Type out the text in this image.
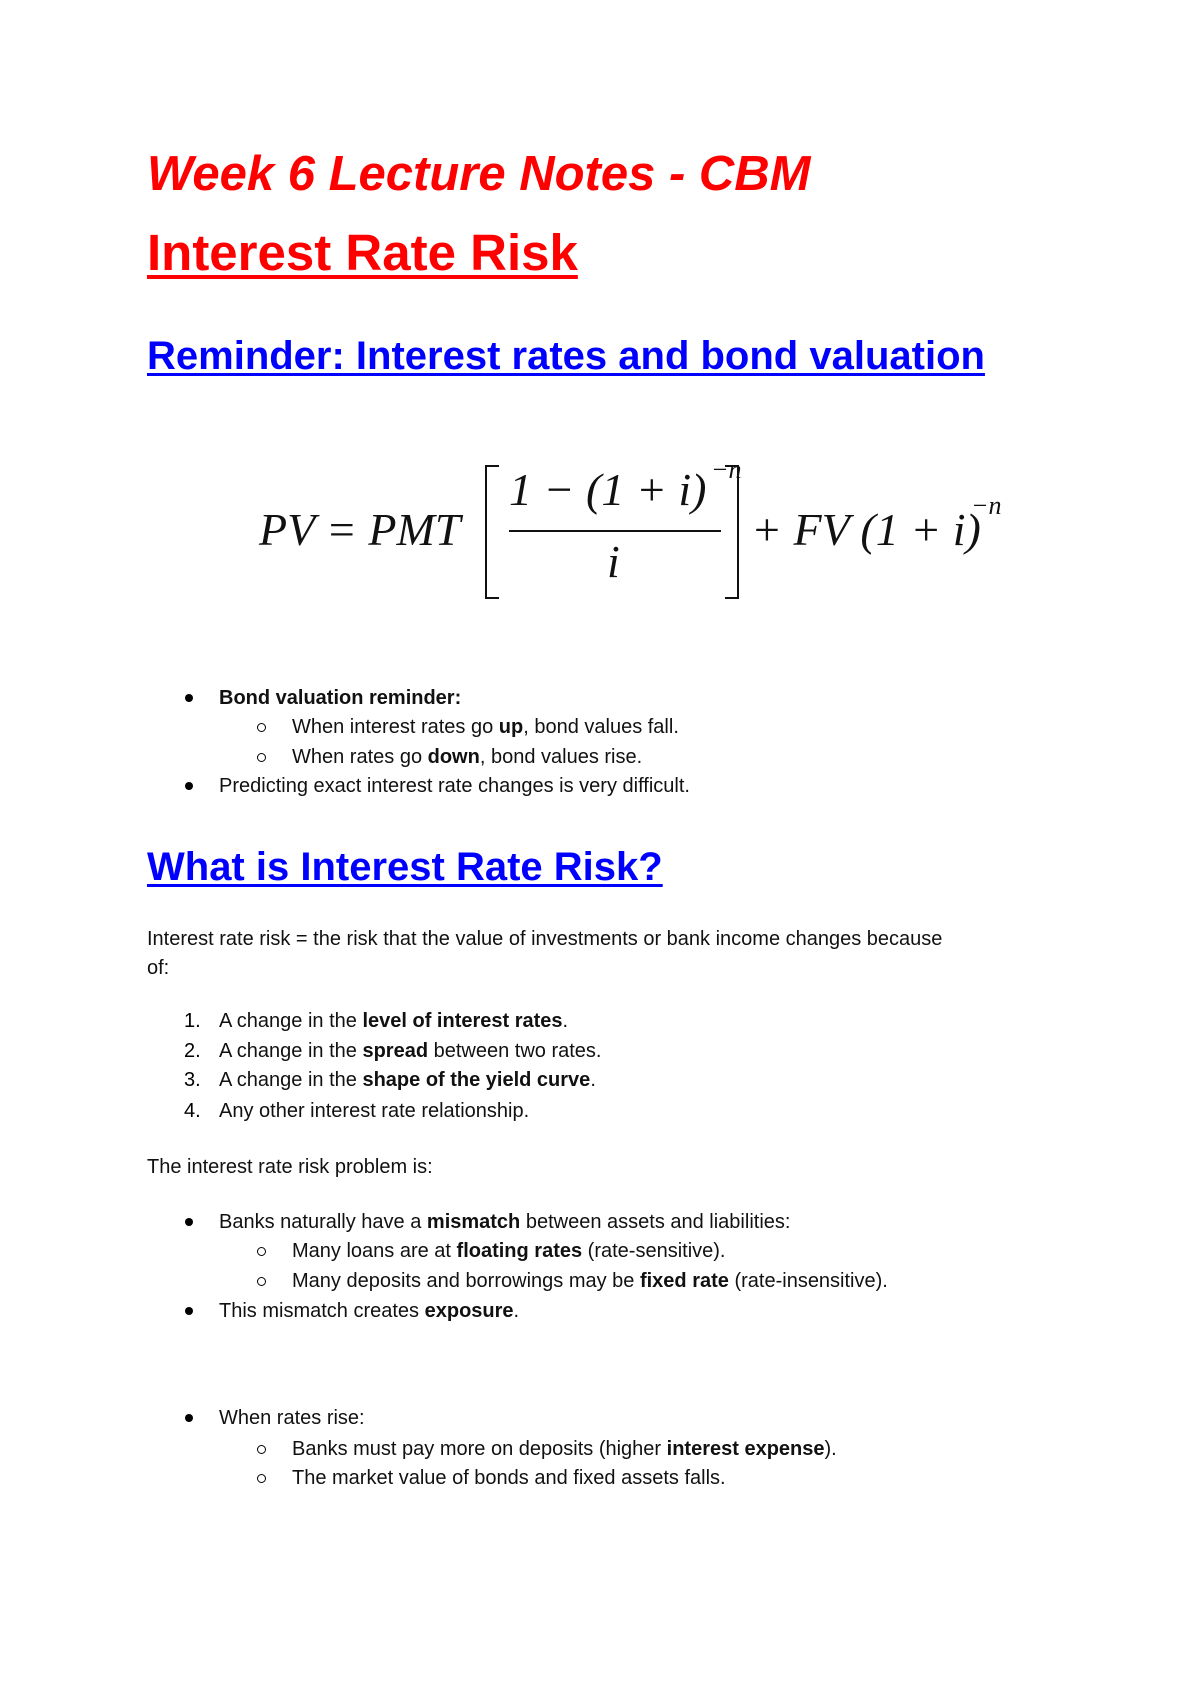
Week 6 Lecture Notes - CBM
Interest Rate Risk
Reminder: Interest rates and bond valuation
PV = PMT
1 − (1 + i) −n
i
+ FV (1 + i)
−n
Bond valuation reminder:
When interest rates go up, bond values fall.
When rates go down, bond values rise.
Predicting exact interest rate changes is very difficult.
What is Interest Rate Risk?
Interest rate risk = the risk that the value of investments or bank income changes because
of:
1. A change in the level of interest rates.
2. A change in the spread between two rates.
3. A change in the shape of the yield curve.
4. Any other interest rate relationship.
The interest rate risk problem is:
Banks naturally have a mismatch between assets and liabilities:
Many loans are at floating rates (rate-sensitive).
Many deposits and borrowings may be fixed rate (rate-insensitive).
This mismatch creates exposure.
When rates rise:
Banks must pay more on deposits (higher interest expense).
The market value of bonds and fixed assets falls.
